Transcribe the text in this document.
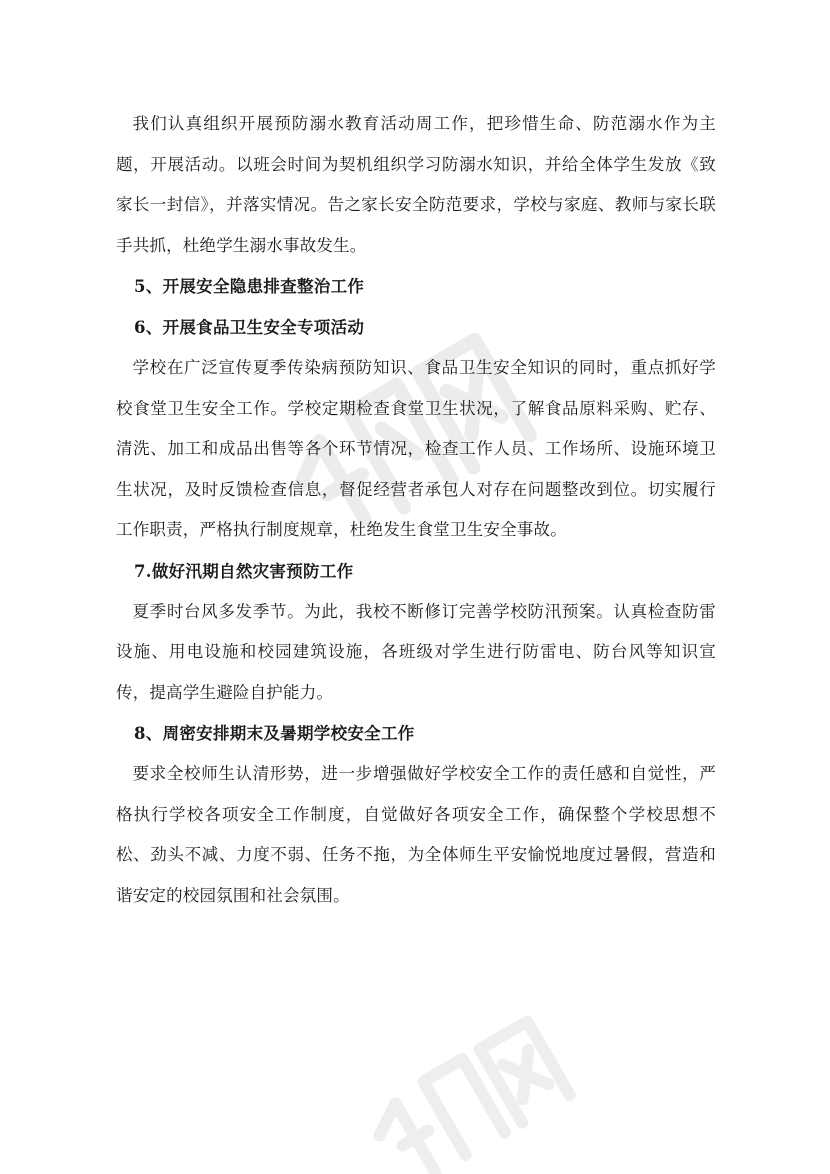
我们认真组织开展预防溺水教育活动周工作，把珍惜生命、防范溺水作为主题，开展活动。以班会时间为契机组织学习防溺水知识，并给全体学生发放《致家长一封信》，并落实情况。告之家长安全防范要求，学校与家庭、教师与家长联手共抓，杜绝学生溺水事故发生。

5、开展安全隐患排查整治工作

6、开展食品卫生安全专项活动

学校在广泛宣传夏季传染病预防知识、食品卫生安全知识的同时，重点抓好学校食堂卫生安全工作。学校定期检查食堂卫生状况，了解食品原料采购、贮存、清洗、加工和成品出售等各个环节情况，检查工作人员、工作场所、设施环境卫生状况，及时反馈检查信息，督促经营者承包人对存在问题整改到位。切实履行工作职责，严格执行制度规章，杜绝发生食堂卫生安全事故。

7.做好汛期自然灾害预防工作

夏季时台风多发季节。为此，我校不断修订完善学校防汛预案。认真检查防雷设施、用电设施和校园建筑设施，各班级对学生进行防雷电、防台风等知识宣传，提高学生避险自护能力。

8、周密安排期末及暑期学校安全工作

要求全校师生认清形势，进一步增强做好学校安全工作的责任感和自觉性，严格执行学校各项安全工作制度，自觉做好各项安全工作，确保整个学校思想不松、劲头不减、力度不弱、任务不拖，为全体师生平安愉悦地度过暑假，营造和谐安定的校园氛围和社会氛围。
